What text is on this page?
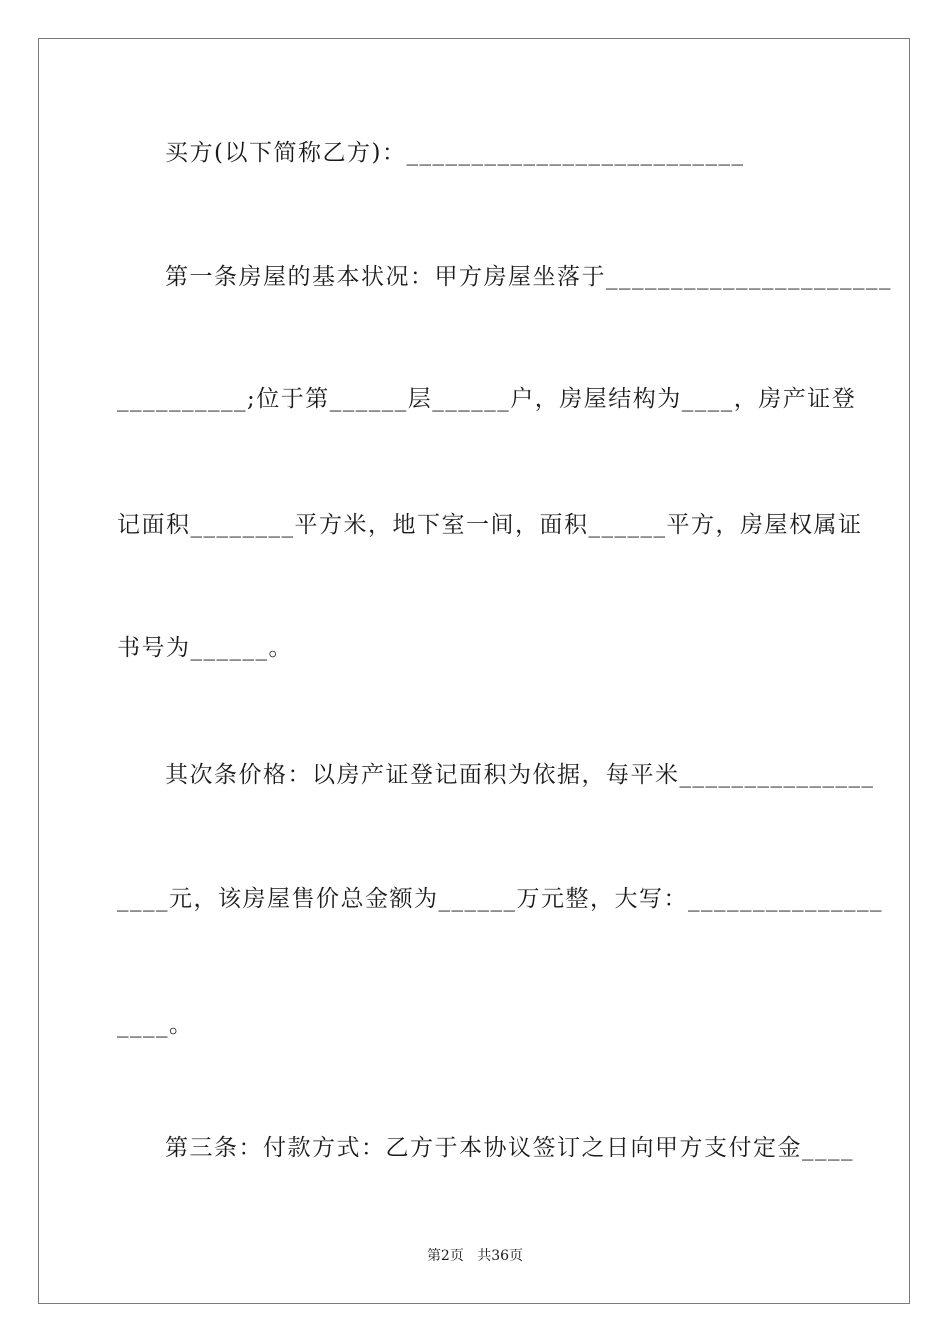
买方(以下简称乙方)：__________________________
第一条房屋的基本状况：甲方房屋坐落于______________________
__________;位于第______层______户，房屋结构为____，房产证登
记面积________平方米，地下室一间，面积______平方，房屋权属证
书号为______。
其次条价格：以房产证登记面积为依据，每平米_______________
____元，该房屋售价总金额为______万元整，大写：_______________
____。
第三条：付款方式：乙方于本协议签订之日向甲方支付定金____
第2页 共36页
